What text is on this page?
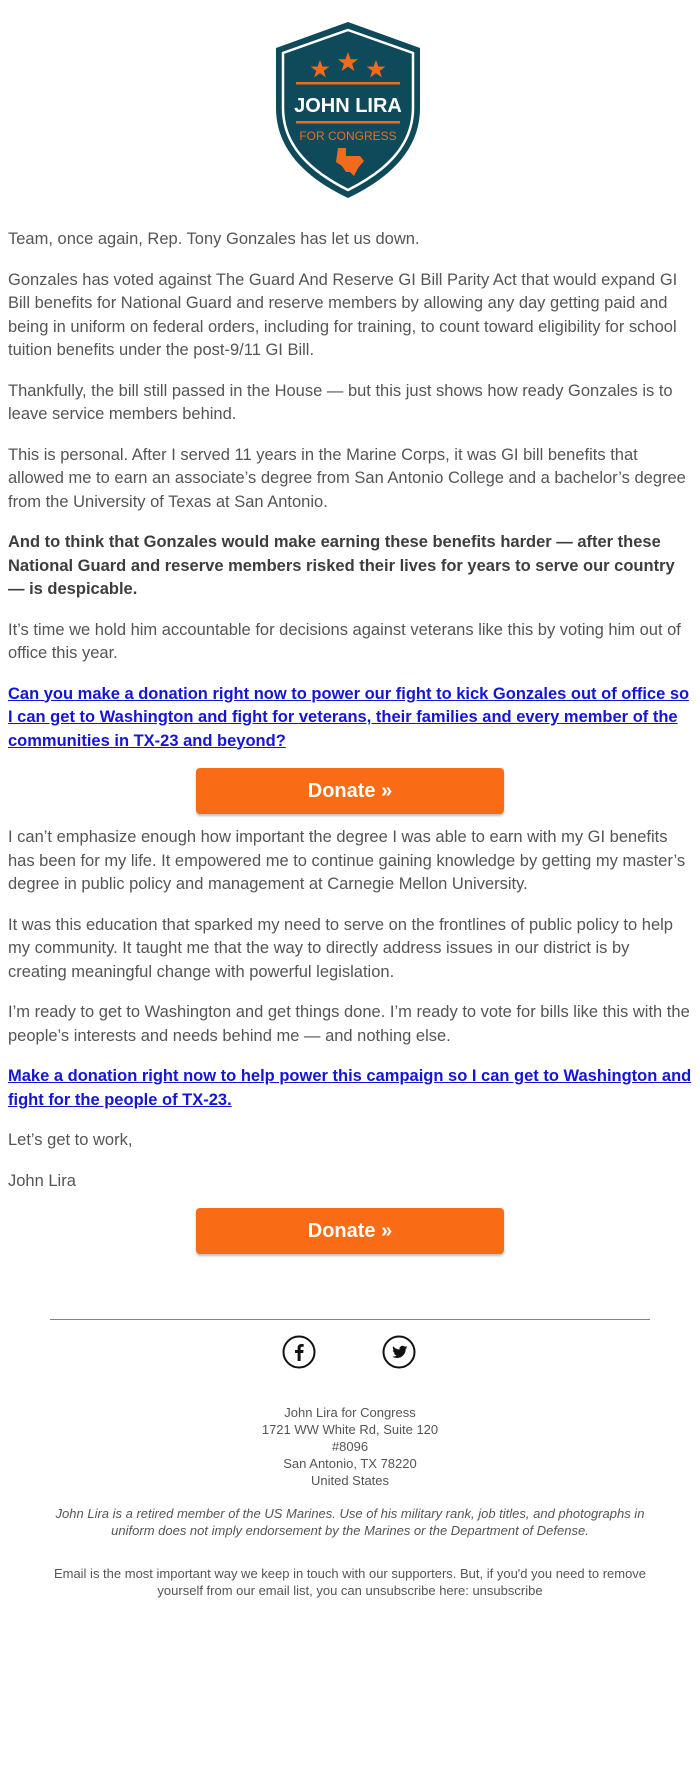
JOHN LIRA
FOR CONGRESS

Team, once again, Rep. Tony Gonzales has let us down.

Gonzales has voted against The Guard And Reserve GI Bill Parity Act that would expand GI Bill benefits for National Guard and reserve members by allowing any day getting paid and being in uniform on federal orders, including for training, to count toward eligibility for school tuition benefits under the post-9/11 GI Bill.

Thankfully, the bill still passed in the House — but this just shows how ready Gonzales is to leave service members behind.

This is personal. After I served 11 years in the Marine Corps, it was GI bill benefits that allowed me to earn an associate’s degree from San Antonio College and a bachelor’s degree from the University of Texas at San Antonio.

And to think that Gonzales would make earning these benefits harder — after these National Guard and reserve members risked their lives for years to serve our country — is despicable.

It’s time we hold him accountable for decisions against veterans like this by voting him out of office this year.

Can you make a donation right now to power our fight to kick Gonzales out of office so I can get to Washington and fight for veterans, their families and every member of the communities in TX-23 and beyond?

Donate »

I can’t emphasize enough how important the degree I was able to earn with my GI benefits has been for my life. It empowered me to continue gaining knowledge by getting my master’s degree in public policy and management at Carnegie Mellon University.

It was this education that sparked my need to serve on the frontlines of public policy to help my community. It taught me that the way to directly address issues in our district is by creating meaningful change with powerful legislation.

I’m ready to get to Washington and get things done. I’m ready to vote for bills like this with the people’s interests and needs behind me — and nothing else.

Make a donation right now to help power this campaign so I can get to Washington and fight for the people of TX-23.

Let’s get to work,

John Lira

Donate »
John Lira for Congress
1721 WW White Rd, Suite 120
#8096
San Antonio, TX 78220
United States
John Lira is a retired member of the US Marines. Use of his military rank, job titles, and photographs in uniform does not imply endorsement by the Marines or the Department of Defense.
Email is the most important way we keep in touch with our supporters. But, if you'd you need to remove yourself from our email list, you can unsubscribe here: unsubscribe
